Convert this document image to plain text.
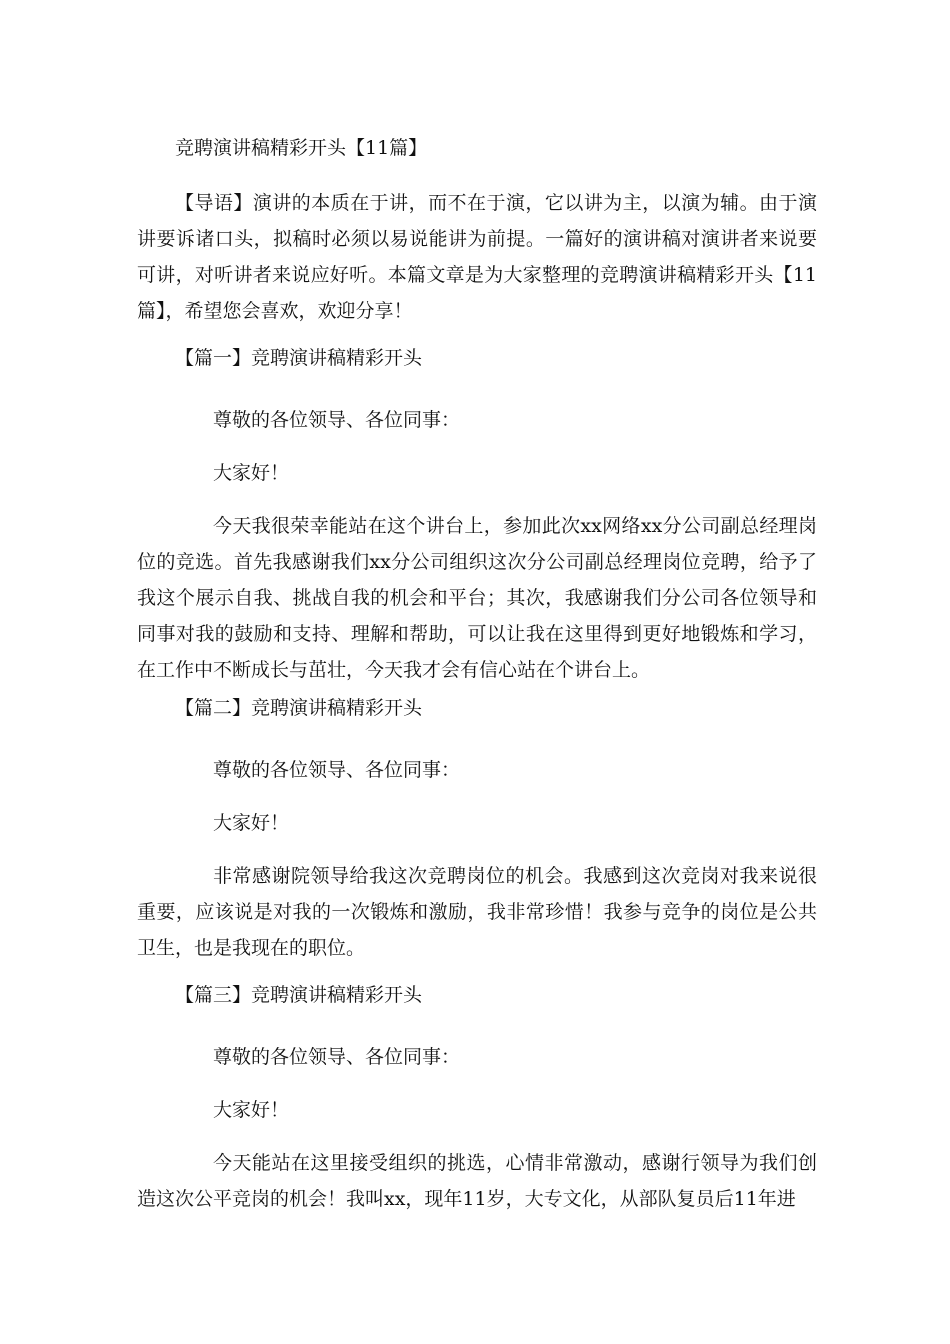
竞聘演讲稿精彩开头【11篇】

【导语】演讲的本质在于讲，而不在于演，它以讲为主，以演为辅。由于演讲要诉诸口头，拟稿时必须以易说能讲为前提。一篇好的演讲稿对演讲者来说要可讲，对听讲者来说应好听。本篇文章是为大家整理的竞聘演讲稿精彩开头【11篇】，希望您会喜欢，欢迎分享！

【篇一】竞聘演讲稿精彩开头

尊敬的各位领导、各位同事：

大家好！

今天我很荣幸能站在这个讲台上，参加此次xx网络xx分公司副总经理岗位的竞选。首先我感谢我们xx分公司组织这次分公司副总经理岗位竞聘，给予了我这个展示自我、挑战自我的机会和平台；其次，我感谢我们分公司各位领导和同事对我的鼓励和支持、理解和帮助，可以让我在这里得到更好地锻炼和学习，在工作中不断成长与茁壮，今天我才会有信心站在个讲台上。

【篇二】竞聘演讲稿精彩开头

尊敬的各位领导、各位同事：

大家好！

非常感谢院领导给我这次竞聘岗位的机会。我感到这次竞岗对我来说很重要，应该说是对我的一次锻炼和激励，我非常珍惜！我参与竞争的岗位是公共卫生，也是我现在的职位。

【篇三】竞聘演讲稿精彩开头

尊敬的各位领导、各位同事：

大家好！

今天能站在这里接受组织的挑选，心情非常激动，感谢行领导为我们创造这次公平竞岗的机会！我叫xx，现年11岁，大专文化，从部队复员后11年进
